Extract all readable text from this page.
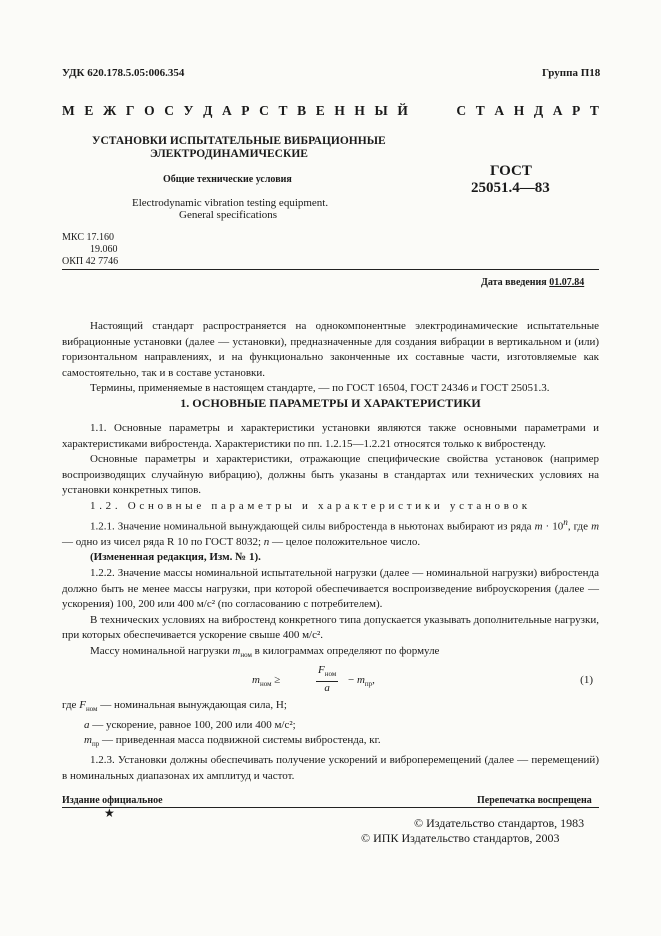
УДК 620.178.5.05:006.354	Группа П18
М Е Ж Г О С У Д А Р С Т В Е Н Н Ы Й

	С Т А Н Д А Р Т
УСТАНОВКИ ИСПЫТАТЕЛЬНЫЕ ВИБРАЦИОННЫЕ
ЭЛЕКТРОДИНАМИЧЕСКИЕ
ГОСТ
25051.4—83
Общие технические условия
Electrodynamic vibration testing equipment.
General specifications
МКС 17.160
19.060
ОКП 42 7746
Дата введения 01.07.84

Настоящий стандарт распространяется на однокомпонентные электродинамические испытательные вибрационные установки (далее — установки), предназначенные для создания вибрации в вертикальном и (или) горизонтальном направлениях, и на функционально законченные их составные части, изготовляемые как самостоятельно, так и в составе установки.

Термины, применяемые в настоящем стандарте, — по ГОСТ 16504, ГОСТ 24346 и ГОСТ 25051.3.

1. ОСНОВНЫЕ ПАРАМЕТРЫ И ХАРАКТЕРИСТИКИ

1.1. Основные параметры и характеристики установки являются также основными параметрами и характеристиками вибростенда. Характеристики по пп. 1.2.15—1.2.21 относятся только к вибростенду.

Основные параметры и характеристики, отражающие специфические свойства установок (например воспроизводящих случайную вибрацию), должны быть указаны в стандартах или технических условиях на установки конкретных типов.

1.2. Основные параметры и характеристики установок

1.2.1. Значение номинальной вынуждающей силы вибростенда в ньютонах выбирают из ряда $m \cdot 10^n$, где m — одно из чисел ряда R 10 по ГОСТ 8032; n — целое положительное число.

(Измененная редакция, Изм. № 1).

1.2.2. Значение массы номинальной испытательной нагрузки (далее — номинальной нагрузки) вибростенда должно быть не менее массы нагрузки, при которой обеспечивается воспроизведение виброускорения (далее — ускорения) 100, 200 или 400 м/с² (по согласованию с потребителем).

В технических условиях на вибростенд конкретного типа допускается указывать дополнительные нагрузки, при которых обеспечивается ускорение свыше 400 м/с².

Массу номинальной нагрузки $m_{ном}$ в килограммах определяют по формуле

$m_{ном}$ ≥
$F_{ном}$
a
− $m_{пр}$,	(1)

где $F_{ном}$ — номинальная вынуждающая сила, Н;

a — ускорение, равное 100, 200 или 400 м/с²;

$m_{пр}$ — приведенная масса подвижной системы вибростенда, кг.

1.2.3. Установки должны обеспечивать получение ускорений и виброперемещений (далее — перемещений) в номинальных диапазонах их амплитуд и частот.

Издание официальное	Перепечатка воспрещена
★
© Издательство стандартов, 1983
© ИПК Издательство стандартов, 2003
